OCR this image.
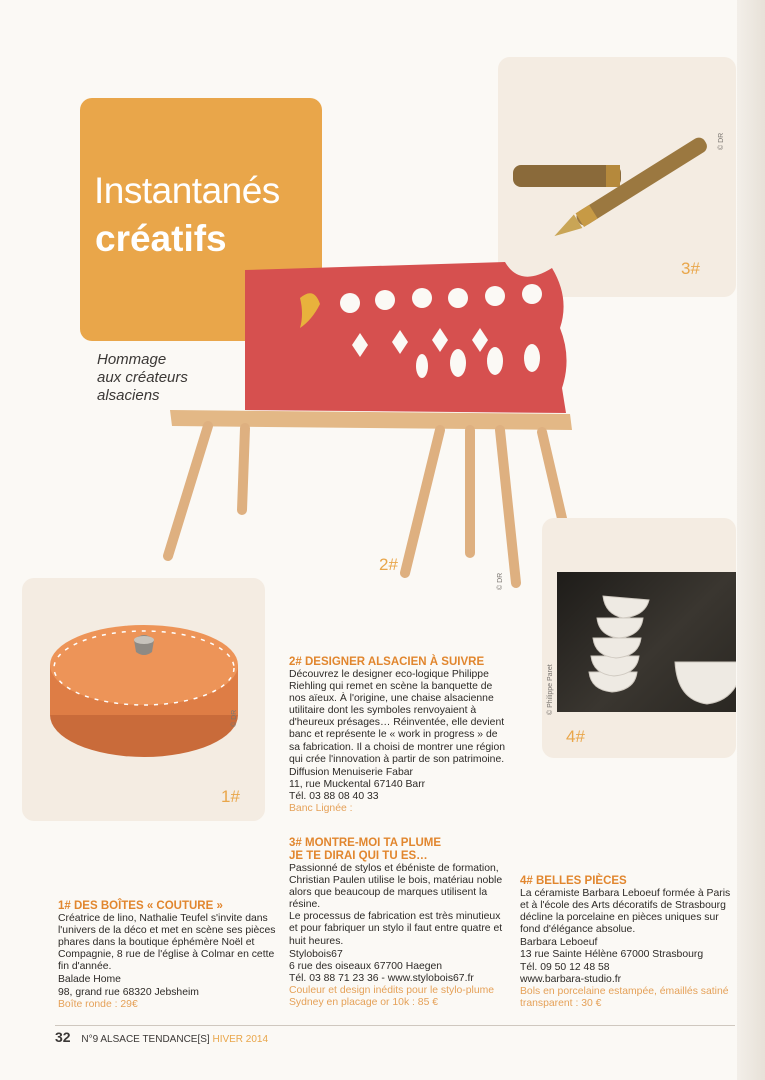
Instantanés
créatifs
Hommage
aux créateurs
alsaciens
3#
© DR
2#
© DR
1#
© DR
4#
© Philippe Paret
2# DESIGNER ALSACIEN À SUIVRE
Découvrez le designer eco-logique Philippe Riehling qui remet en scène la banquette de nos aïeux. À l'origine, une chaise alsacienne utilitaire dont les symboles renvoyaient à d'heureux présages… Réinventée, elle devient banc et représente le « work in progress » de sa fabrication. Il a choisi de montrer une région qui crée l'innovation à partir de son patrimoine.
Diffusion Menuiserie Fabar
11, rue Muckental 67140 Barr
Tél. 03 88 08 40 33
Banc Lignée :
3# MONTRE-MOI TA PLUME
JE TE DIRAI QUI TU ES…
Passionné de stylos et ébéniste de formation, Christian Paulen utilise le bois, matériau noble alors que beaucoup de marques utilisent la résine.
Le processus de fabrication est très minutieux et pour fabriquer un stylo il faut entre quatre et huit heures.
Stylobois67
6 rue des oiseaux 67700 Haegen
Tél. 03 88 71 23 36 - www.stylobois67.fr
Couleur et design inédits pour le stylo-plume Sydney en placage or 10k : 85 €
1# DES BOÎTES « COUTURE »
Créatrice de lino, Nathalie Teufel s'invite dans l'univers de la déco et met en scène ses pièces phares dans la boutique éphémère Noël et Compagnie, 8 rue de l'église à Colmar en cette fin d'année.
Balade Home
98, grand rue 68320 Jebsheim
Boîte ronde : 29€
4# BELLES PIÈCES
La céramiste Barbara Leboeuf formée à Paris et à l'école des Arts décoratifs de Strasbourg décline la porcelaine en pièces uniques sur fond d'élégance absolue.
Barbara Leboeuf
13 rue Sainte Hélène 67000 Strasbourg
Tél. 09 50 12 48 58
www.barbara-studio.fr
Bols en porcelaine estampée, émaillés satiné transparent : 30 €
32 N°9 ALSACE TENDANCE[S] HIVER 2014
